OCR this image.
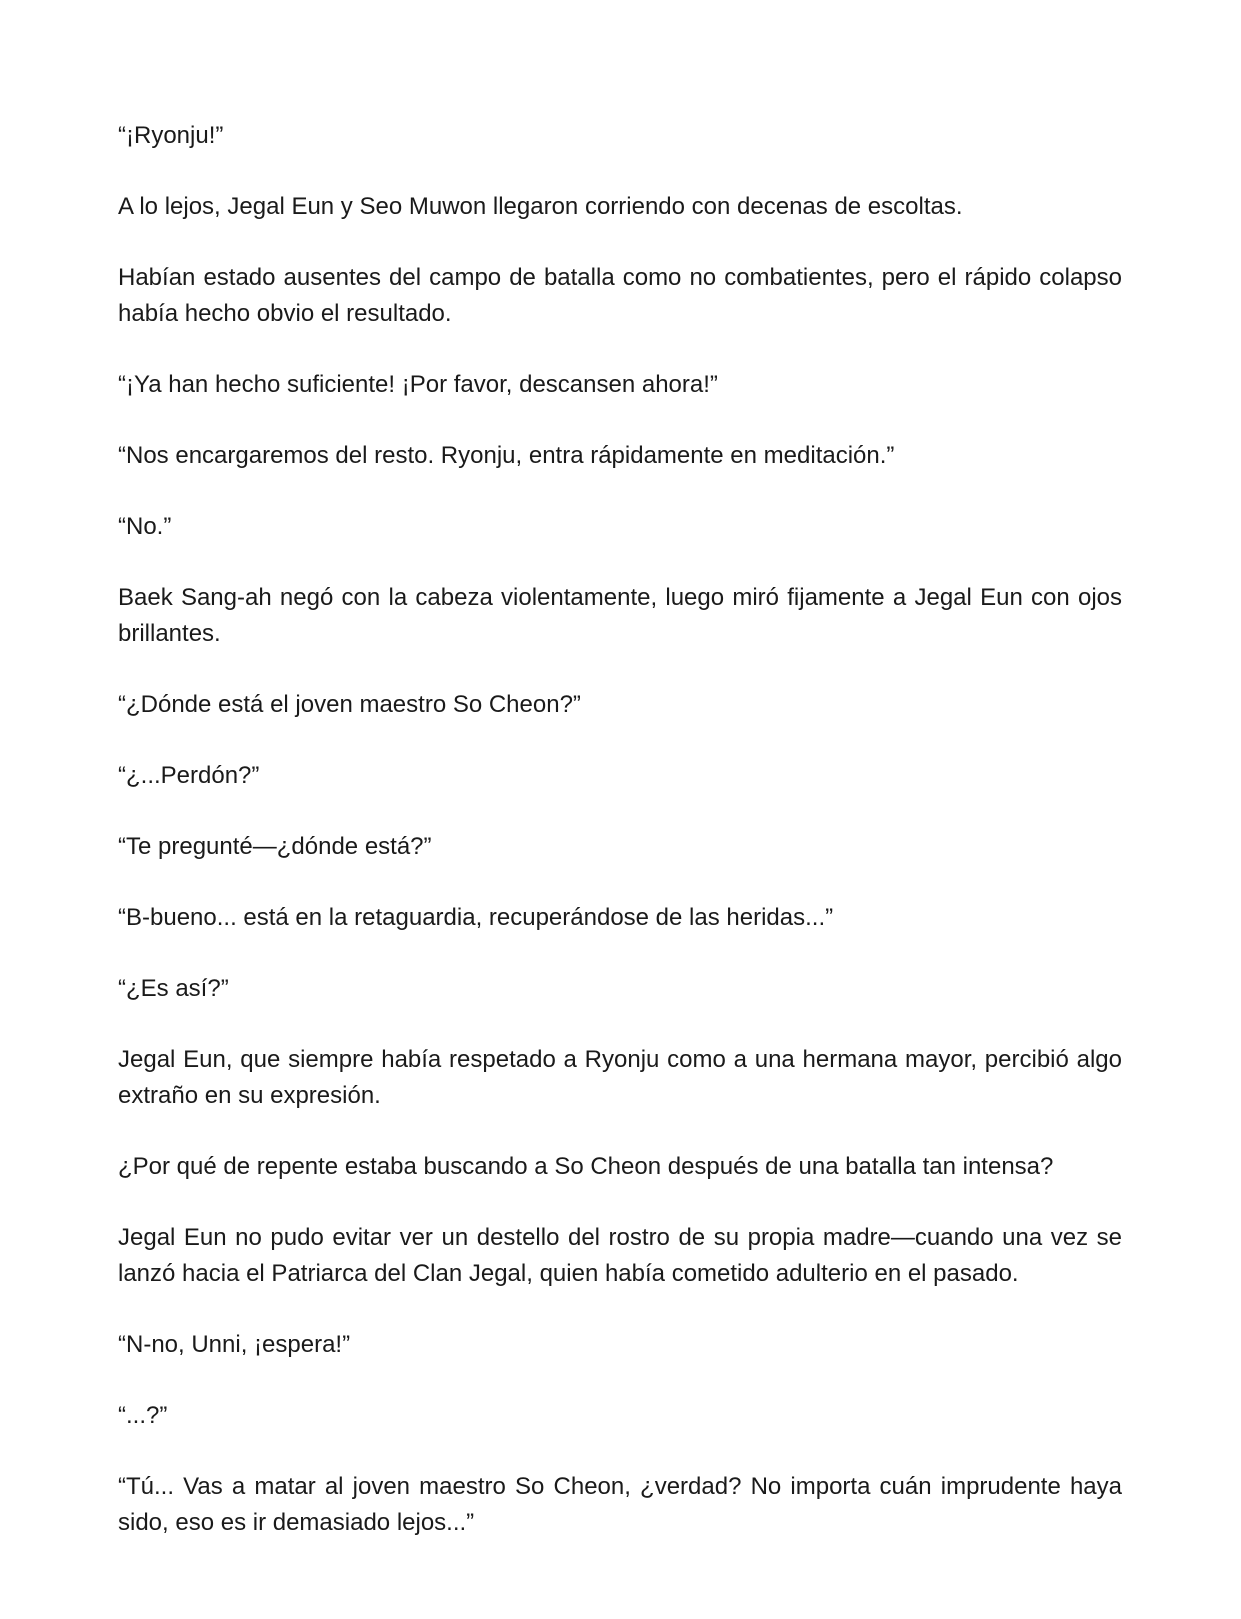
“¡Ryonju!”

A lo lejos, Jegal Eun y Seo Muwon llegaron corriendo con decenas de escoltas.

Habían estado ausentes del campo de batalla como no combatientes, pero el rápido colapso había hecho obvio el resultado.

“¡Ya han hecho suficiente! ¡Por favor, descansen ahora!”

“Nos encargaremos del resto. Ryonju, entra rápidamente en meditación.”

“No.”

Baek Sang-ah negó con la cabeza violentamente, luego miró fijamente a Jegal Eun con ojos brillantes.

“¿Dónde está el joven maestro So Cheon?”

“¿...Perdón?”

“Te pregunté—¿dónde está?”

“B-bueno... está en la retaguardia, recuperándose de las heridas...”

“¿Es así?”

Jegal Eun, que siempre había respetado a Ryonju como a una hermana mayor, percibió algo extraño en su expresión.

¿Por qué de repente estaba buscando a So Cheon después de una batalla tan intensa?

Jegal Eun no pudo evitar ver un destello del rostro de su propia madre—cuando una vez se lanzó hacia el Patriarca del Clan Jegal, quien había cometido adulterio en el pasado.

“N-no, Unni, ¡espera!”

“...?”

“Tú... Vas a matar al joven maestro So Cheon, ¿verdad? No importa cuán imprudente haya sido, eso es ir demasiado lejos...”
